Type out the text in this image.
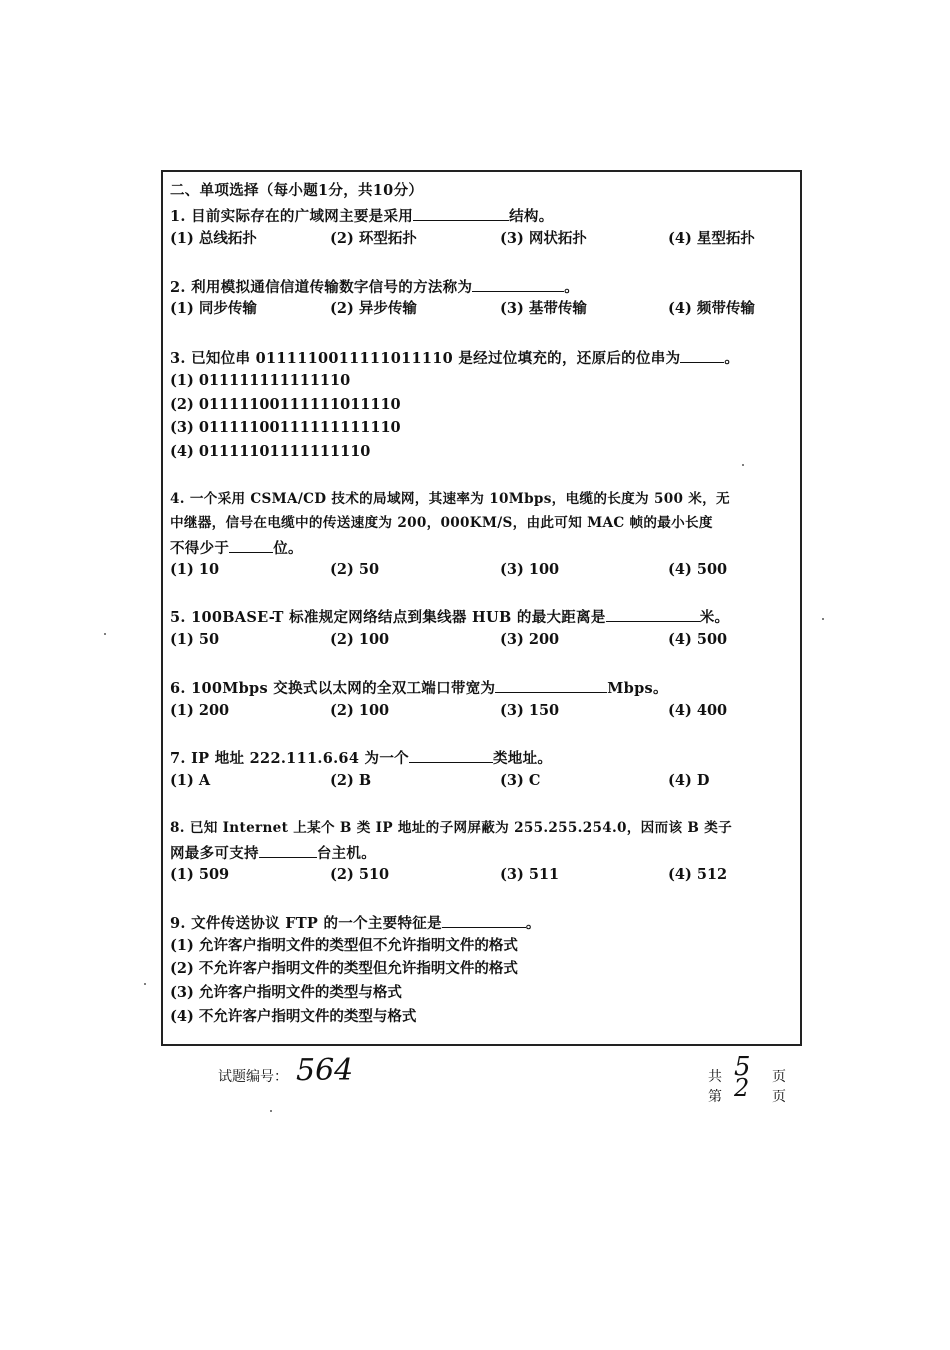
二、单项选择（每小题1分，共10分）
1. 目前实际存在的广域网主要是采用	结构。
(1) 总线拓扑	(2) 环型拓扑	(3) 网状拓扑	(4) 星型拓扑
2. 利用模拟通信信道传输数字信号的方法称为	。
(1) 同步传输	(2) 异步传输	(3) 基带传输	(4) 频带传输
3. 已知位串 0111110011111011110 是经过位填充的，还原后的位串为	。
(1) 011111111111110
(2) 01111100111111011110
(3) 01111100111111111110
(4) 01111101111111110
4. 一个采用 CSMA/CD 技术的局域网，其速率为 10Mbps，电缆的长度为 500 米，无
中继器，信号在电缆中的传送速度为 200，000KM/S，由此可知 MAC 帧的最小长度
不得少于	位。
(1) 10	(2) 50	(3) 100	(4) 500
5. 100BASE-T 标准规定网络结点到集线器 HUB 的最大距离是	米。
(1) 50	(2) 100	(3) 200	(4) 500
6. 100Mbps 交换式以太网的全双工端口带宽为	Mbps。
(1) 200	(2) 100	(3) 150	(4) 400
7. IP 地址 222.111.6.64 为一个	类地址。
(1) A	(2) B	(3) C	(4) D
8. 已知 Internet 上某个 B 类 IP 地址的子网屏蔽为 255.255.254.0，因而该 B 类子
网最多可支持	台主机。
(1) 509	(2) 510	(3) 511	(4) 512
9. 文件传送协议 FTP 的一个主要特征是	。
(1) 允许客户指明文件的类型但不允许指明文件的格式
(2) 不允许客户指明文件的类型但允许指明文件的格式
(3) 允许客户指明文件的类型与格式
(4) 不允许客户指明文件的类型与格式
试题编号： 564	共 5 页
第 2 页
